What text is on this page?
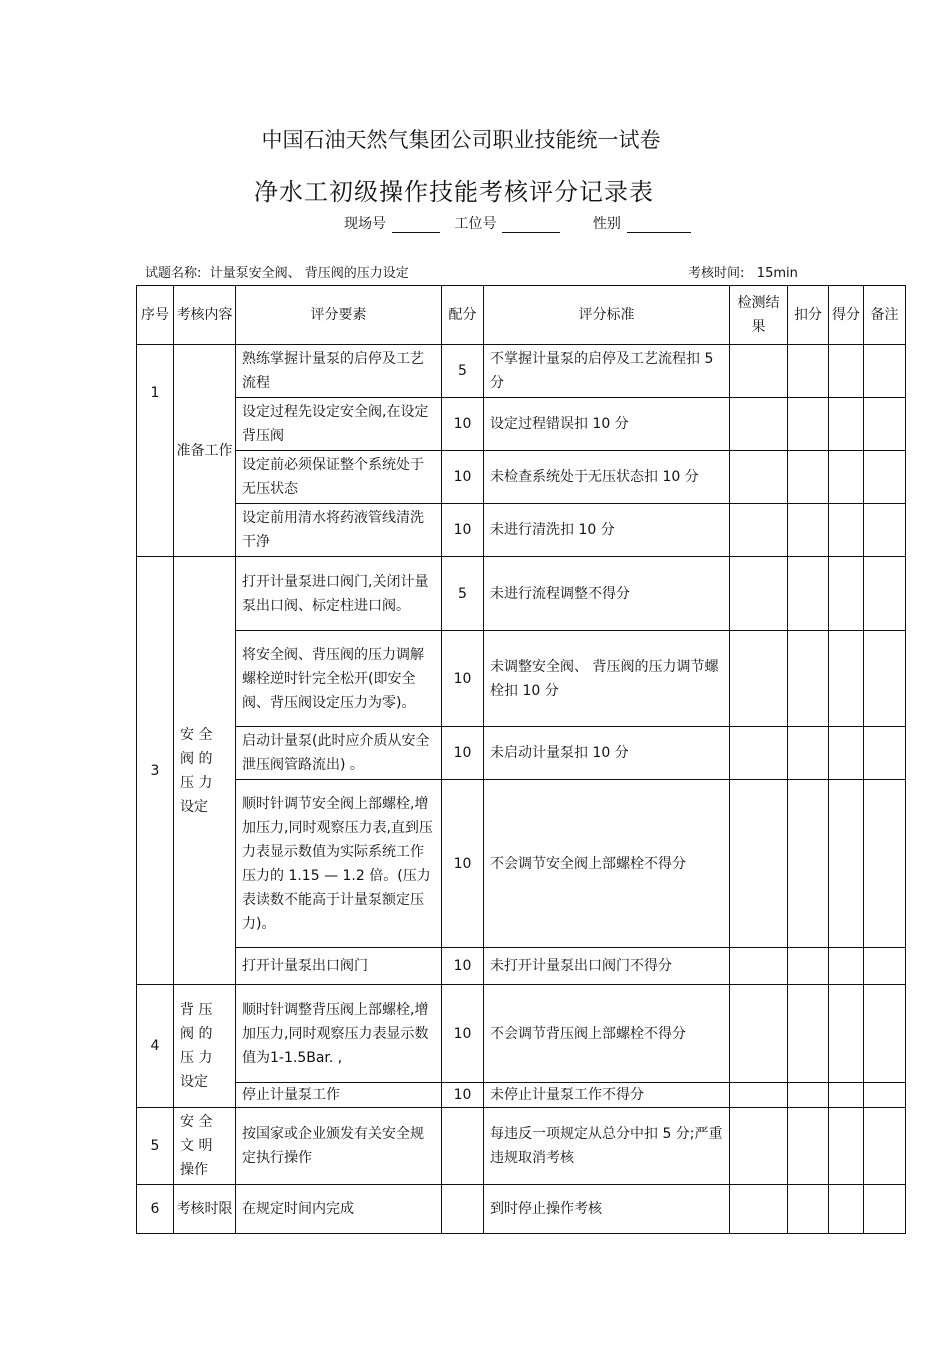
中国石油天然气集团公司职业技能统一试卷
净水工初级操作技能考核评分记录表
现场号	工位号	性别
试题名称: 计量泵安全阀、 背压阀的压力设定	考核时间: 15min
序号	考核内容	评分要素	配分	评分标准	检测结果	扣分	得分	备注
1	准备工作	熟练掌握计量泵的启停及工艺流程	5	不掌握计量泵的启停及工艺流程扣 5 分				
		设定过程先设定安全阀,在设定背压阀	10	设定过程错误扣 10 分				
		设定前必须保证整个系统处于无压状态	10	未检查系统处于无压状态扣 10 分				
		设定前用清水将药液管线清洗干净	10	未进行清洗扣 10 分				
3	安 全 阀 的 压 力 设定	打开计量泵进口阀门,关闭计量泵出口阀、标定柱进口阀。	5	未进行流程调整不得分				
		将安全阀、背压阀的压力调解螺栓逆时针完全松开(即安全阀、背压阀设定压力为零)。	10	未调整安全阀、 背压阀的压力调节螺栓扣 10 分				
		启动计量泵(此时应介质从安全泄压阀管路流出) 。	10	未启动计量泵扣 10 分				
		顺时针调节安全阀上部螺栓,增加压力,同时观察压力表,直到压力表显示数值为实际系统工作压力的 1.15 — 1.2 倍。(压力表读数不能高于计量泵额定压力)。	10	不会调节安全阀上部螺栓不得分				
		打开计量泵出口阀门	10	未打开计量泵出口阀门不得分				
4	背 压 阀 的 压 力 设定	顺时针调整背压阀上部螺栓,增加压力,同时观察压力表显示数值为1-1.5Bar. ,	10	不会调节背压阀上部螺栓不得分				
		停止计量泵工作	10	未停止计量泵工作不得分				
5	安 全 文 明 操作	按国家或企业颁发有关安全规定执行操作		每违反一项规定从总分中扣 5 分;严重违规取消考核				
6	考核时限	在规定时间内完成		到时停止操作考核				
